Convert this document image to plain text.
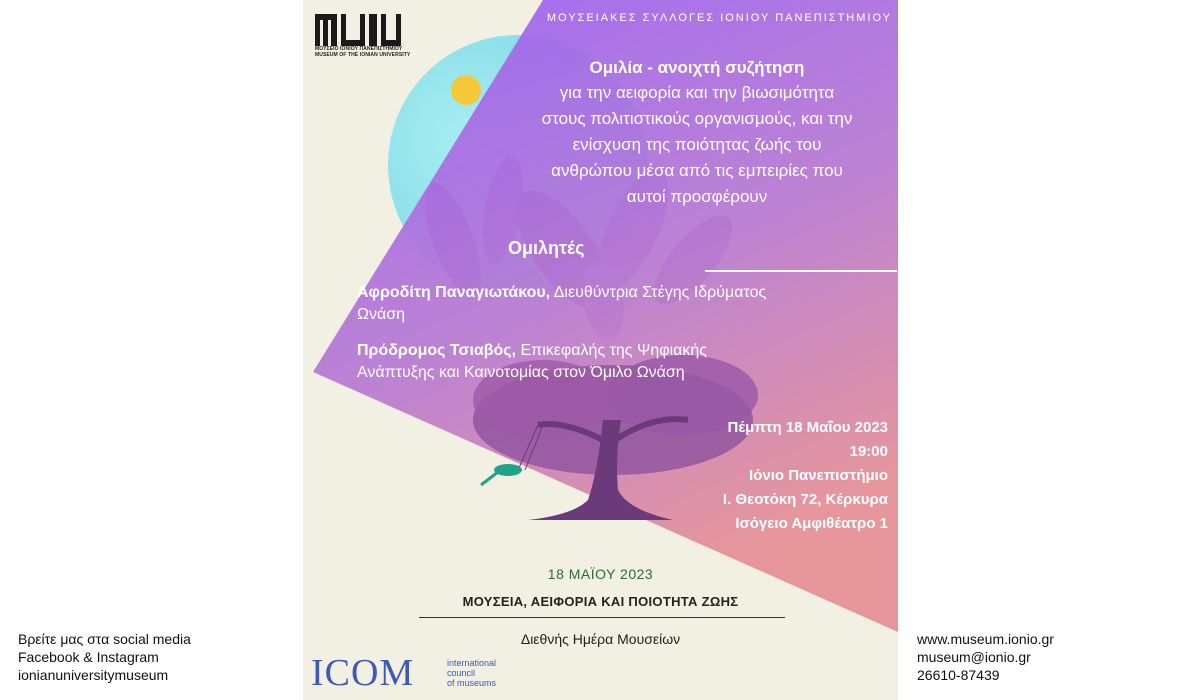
ΜΟΥΣΕΙΟ ΙΟΝΙΟΥ ΠΑΝΕΠΙΣΤΗΜΙΟΥ
MUSEUM OF THE IONIAN UNIVERSITY
ΜΟΥΣΕΙΑΚΕΣ ΣΥΛΛΟΓΕΣ ΙΟΝΙΟΥ ΠΑΝΕΠΙΣΤΗΜΙΟΥ
Ομιλία - ανοιχτή συζήτηση
για την αειφορία και την βιωσιμότητα
στους πολιτιστικούς οργανισμούς, και την
ενίσχυση της ποιότητας ζωής του
ανθρώπου μέσα από τις εμπειρίες που
αυτοί προσφέρουν
Ομιλητές
Αφροδίτη Παναγιωτάκου, Διευθύντρια Στέγης Ιδρύματος
Ωνάση
Πρόδρομος Τσιαβός, Επικεφαλής της Ψηφιακής
Ανάπτυξης και Καινοτομίας στον Όμιλο Ωνάση
Πέμπτη 18 Μαΐου 2023
19:00
Ιόνιο Πανεπιστήμιο
Ι. Θεοτόκη 72, Κέρκυρα
Ισόγειο Αμφιθέατρο 1
18 ΜΑΪΟΥ 2023
ΜΟΥΣΕΙΑ, ΑΕΙΦΟΡΙΑ ΚΑΙ ΠΟΙΟΤΗΤΑ ΖΩΗΣ
Διεθνής Ημέρα Μουσείων
ICOM	international
council
of museums
Βρείτε μας στα social media
Facebook & Instagram
ionianuniversitymuseum
www.museum.ionio.gr
museum@ionio.gr
26610-87439
